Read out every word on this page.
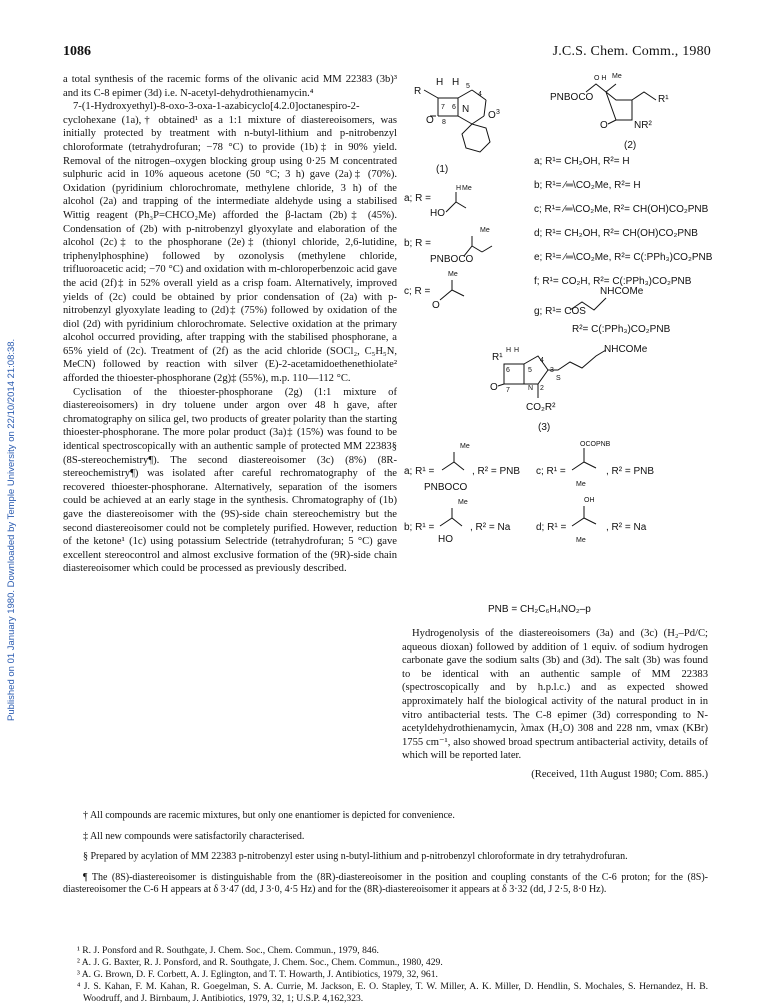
1086	J.C.S. Chem. Comm., 1980
Published on 01 January 1980. Downloaded by Temple University on 22/10/2014 21:08:38.

a total synthesis of the racemic forms of the olivanic acid MM 22383 (3b)³ and its C-8 epimer (3d) i.e. N-acetyl-dehydrothienamycin.⁴

7-(1-Hydroxyethyl)-8-oxo-3-oxa-1-azabicyclo[4.2.0]octanespiro-2-cyclohexane (1a),† obtained¹ as a 1:1 mixture of diastereoisomers, was initially protected by treatment with n-butyl-lithium and p-nitrobenzyl chloroformate (tetrahydrofuran; −78 °C) to provide (1b)‡ in 90% yield. Removal of the nitrogen–oxygen blocking group using 0·25 M concentrated sulphuric acid in 10% aqueous acetone (50 °C; 3 h) gave (2a)‡ (70%). Oxidation (pyridinium chlorochromate, methylene chloride, 3 h) of the alcohol (2a) and trapping of the intermediate aldehyde using a stabilised Wittig reagent (Ph₃P=CHCO₂Me) afforded the β-lactam (2b)‡ (45%). Condensation of (2b) with p-nitrobenzyl glyoxylate and elaboration of the alcohol (2c)‡ to the phosphorane (2e)‡ (thionyl chloride, 2,6-lutidine, triphenylphosphine) followed by ozonolysis (methylene chloride, trifluoroacetic acid; −70 °C) and oxidation with m-chloroperbenzoic acid gave the acid (2f)‡ in 52% overall yield as a crisp foam. Alternatively, improved yields of (2c) could be obtained by prior condensation of (2a) with p-nitrobenzyl glyoxylate leading to (2d)‡ (75%) followed by oxidation of the diol (2d) with pyridinium chlorochromate. Selective oxidation at the primary alcohol occurred providing, after trapping with the stabilised phosphorane, a 65% yield of (2c). Treatment of (2f) as the acid chloride (SOCl₂, C₅H₅N, MeCN) followed by reaction with silver (E)-2-acetamidoethenethiolate² afforded the thioester-phosphorane (2g)‡ (55%), m.p. 110—112 °C.

Cyclisation of the thioester-phosphorane (2g) (1:1 mixture of diastereoisomers) in dry toluene under argon over 48 h gave, after chromatography on silica gel, two products of greater polarity than the starting thioester-phosphorane. The more polar product (3a)‡ (15%) was found to be identical spectroscopically with an authentic sample of protected MM 22383§ (8S-stereochemistry¶). The second diastereoisomer (3c) (8%) (8R-stereochemistry¶) was isolated after careful rechromatography of the recovered thioester-phosphorane. Alternatively, separation of the isomers could be achieved at an early stage in the synthesis. Chromatography of (1b) gave the diastereoisomer with the (9S)-side chain stereochemistry but the second diastereoisomer could not be completely purified. However, reduction of the ketone¹ (1c) using potassium Selectride (tetrahydrofuran; 5 °C) gave excellent stereocontrol and almost exclusive formation of the (9R)-side chain diastereoisomer which could be processed as previously described.

R
H H
O 3
O
N
7 6
8
4
5
(1)
a; R =
HO
H Me
b; R =
PNBOCO
Me
c; R =
O
Me
PNBOCO
O H Me
R¹
NR²
O
(2)
a; R¹= CH₂OH, R²= H
b; R¹= ⁄═\CO₂Me, R²= H
c; R¹= ⁄═\CO₂Me, R²= CH(OH)CO₂PNB
d; R¹= CH₂OH, R²= CH(OH)CO₂PNB
e; R¹= ⁄═\CO₂Me, R²= C(:PPh₃)CO₂PNB
f; R¹= CO₂H, R²= C(:PPh₃)CO₂PNB
g; R¹= COS
NHCOMe
R²= C(:PPh₃)CO₂PNB
R¹
H H
N
O
4
5	3
2
6
7
S
NHCOMe
CO₂R²
(3)
a; R¹ =
PNBOCO
Me
, R² = PNB c; R¹ =
OCOPNB
Me
, R² = PNB
b; R¹ =
HO
Me
, R² = Na	d; R¹ =
OH
Me
, R² = Na
PNB = CH₂C₆H₄NO₂–p

Hydrogenolysis of the diastereoisomers (3a) and (3c) (H₂–Pd/C; aqueous dioxan) followed by addition of 1 equiv. of sodium hydrogen carbonate gave the sodium salts (3b) and (3d). The salt (3b) was found to be identical with an authentic sample of MM 22383 (spectroscopically and by h.p.l.c.) and as expected showed approximately half the biological activity of the natural product in in vitro antibacterial tests. The C-8 epimer (3d) corresponding to N-acetyldehydrothienamycin, λmax (H₂O) 308 and 228 nm, νmax (KBr) 1755 cm⁻¹, also showed broad spectrum antibacterial activity, details of which will be reported later.

(Received, 11th August 1980; Com. 885.)

† All compounds are racemic mixtures, but only one enantiomer is depicted for convenience.

‡ All new compounds were satisfactorily characterised.

§ Prepared by acylation of MM 22383 p-nitrobenzyl ester using n-butyl-lithium and p-nitrobenzyl chloroformate in dry tetrahydrofuran.

¶ The (8S)-diastereoisomer is distinguishable from the (8R)-diastereoisomer in the position and coupling constants of the C-6 proton; for the (8S)-diastereoisomer the C-6 H appears at δ 3·47 (dd, J 3·0, 4·5 Hz) and for the (8R)-diastereoisomer it appears at δ 3·32 (dd, J 2·5, 8·0 Hz).

¹ R. J. Ponsford and R. Southgate, J. Chem. Soc., Chem. Commun., 1979, 846.

² A. J. G. Baxter, R. J. Ponsford, and R. Southgate, J. Chem. Soc., Chem. Commun., 1980, 429.

³ A. G. Brown, D. F. Corbett, A. J. Eglington, and T. T. Howarth, J. Antibiotics, 1979, 32, 961.

⁴ J. S. Kahan, F. M. Kahan, R. Goegelman, S. A. Currie, M. Jackson, E. O. Stapley, T. W. Miller, A. K. Miller, D. Hendlin, S. Mochales, S. Hernandez, H. B. Woodruff, and J. Birnbaum, J. Antibiotics, 1979, 32, 1; U.S.P. 4,162,323.
